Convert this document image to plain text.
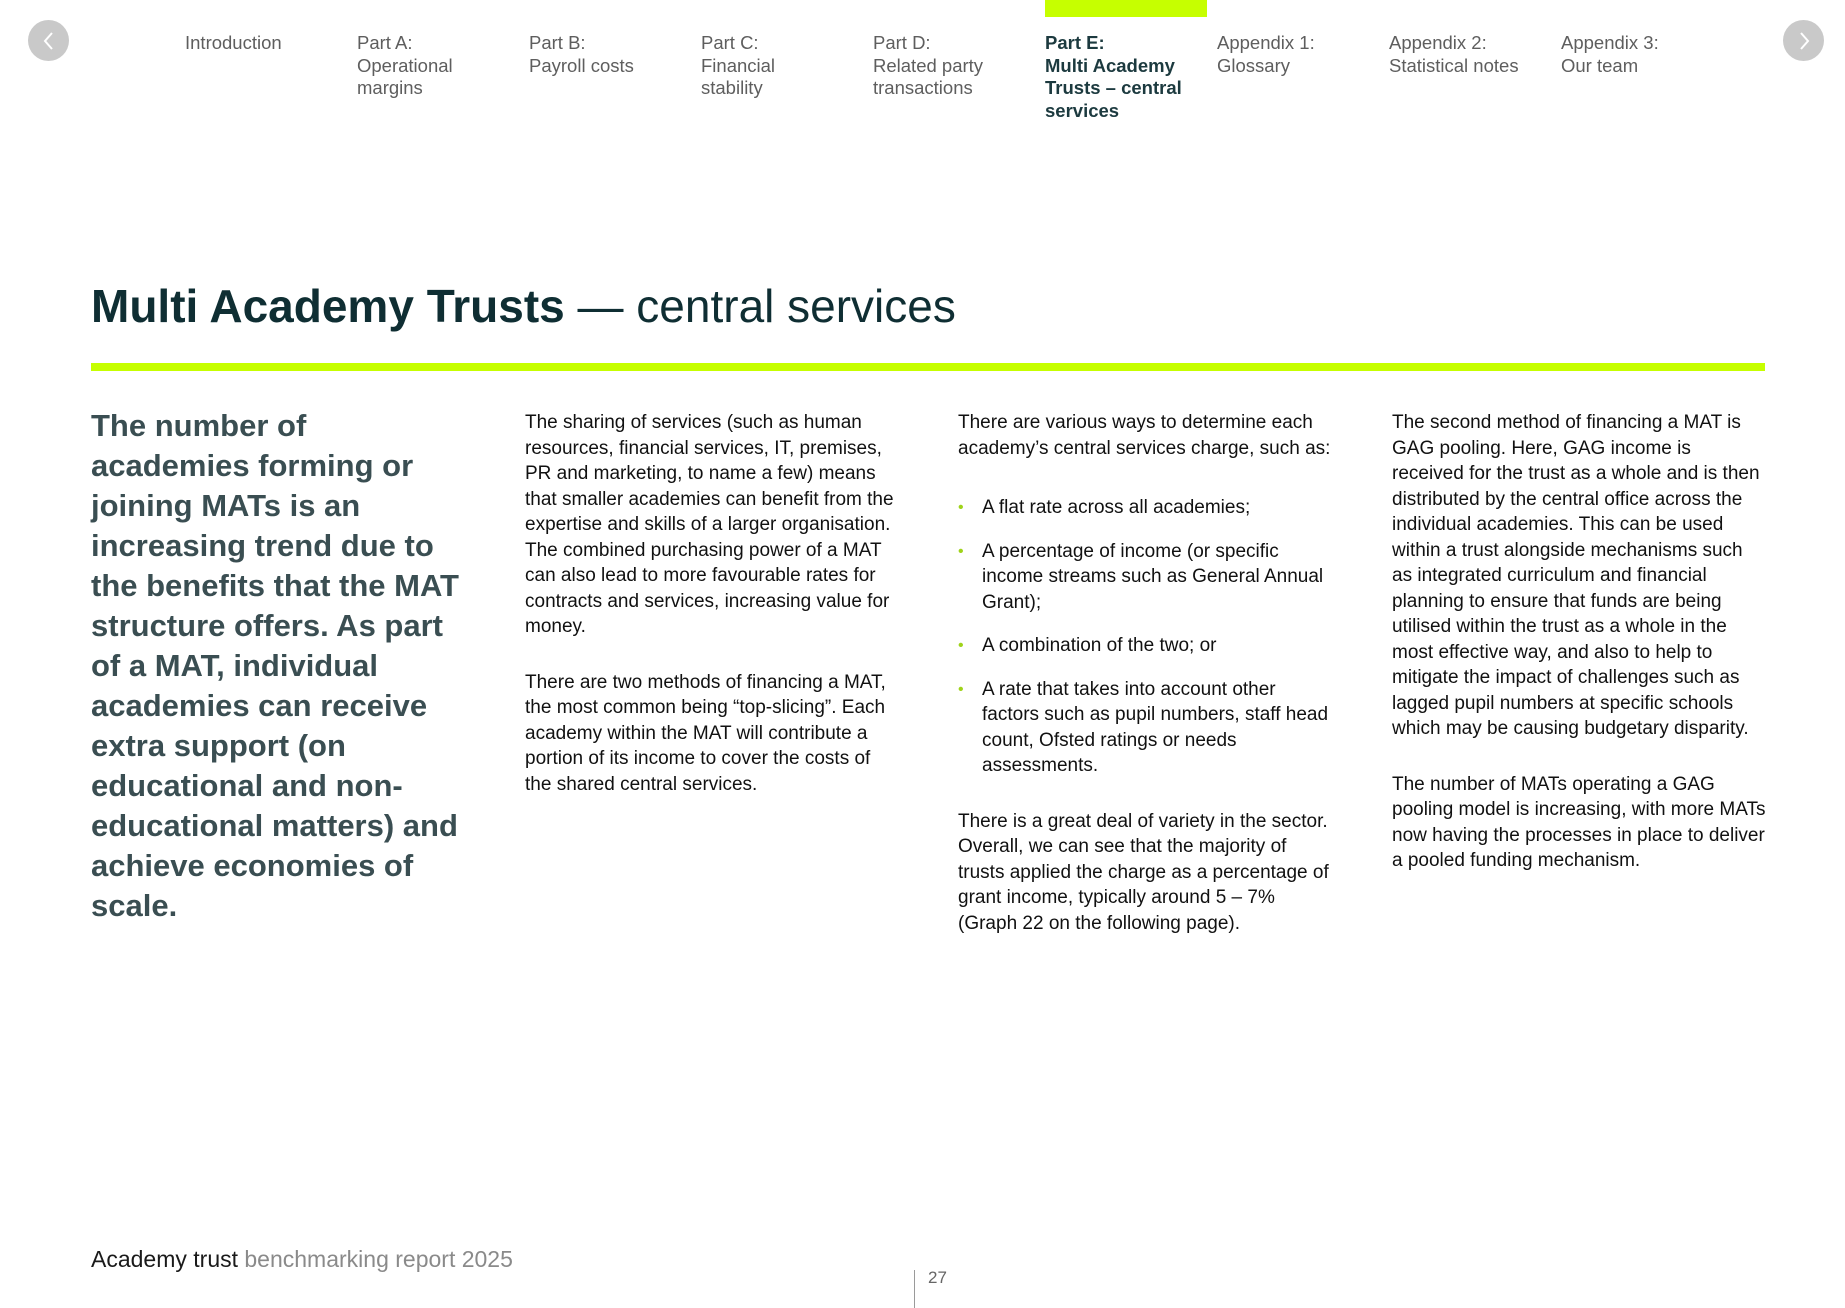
Introduction	Part A:
Operational
margins
Part B:
Payroll costs
Part C:
Financial
stability
Part D:
Related party
transactions
Part E:
Multi Academy
Trusts – central
services
Appendix 1:
Glossary
Appendix 2:
Statistical notes
Appendix 3:
Our team
Multi Academy Trusts — central services
The number of academies forming or joining MATs is an increasing trend due to the benefits that the MAT structure offers. As part of a MAT, individual academies can receive extra support (on educational and non-educational matters) and achieve economies of scale.

The sharing of services (such as human resources, financial services, IT, premises, PR and marketing, to name a few) means that smaller academies can benefit from the expertise and skills of a larger organisation. The combined purchasing power of a MAT can also lead to more favourable rates for contracts and services, increasing value for money.

There are two methods of financing a MAT, the most common being “top-slicing”. Each academy within the MAT will contribute a portion of its income to cover the costs of the shared central services.

There are various ways to determine each academy’s central services charge, such as:

• A flat rate across all academies;
• A percentage of income (or specific income streams such as General Annual Grant);
• A combination of the two; or
• A rate that takes into account other factors such as pupil numbers, staff head count, Ofsted ratings or needs assessments.

There is a great deal of variety in the sector. Overall, we can see that the majority of trusts applied the charge as a percentage of grant income, typically around 5 – 7% (Graph 22 on the following page).

The second method of financing a MAT is GAG pooling. Here, GAG income is received for the trust as a whole and is then distributed by the central office across the individual academies. This can be used within a trust alongside mechanisms such as integrated curriculum and financial planning to ensure that funds are being utilised within the trust as a whole in the most effective way, and also to help to mitigate the impact of challenges such as lagged pupil numbers at specific schools which may be causing budgetary disparity.

The number of MATs operating a GAG pooling model is increasing, with more MATs now having the processes in place to deliver a pooled funding mechanism.

Academy trust benchmarking report 2025
27
